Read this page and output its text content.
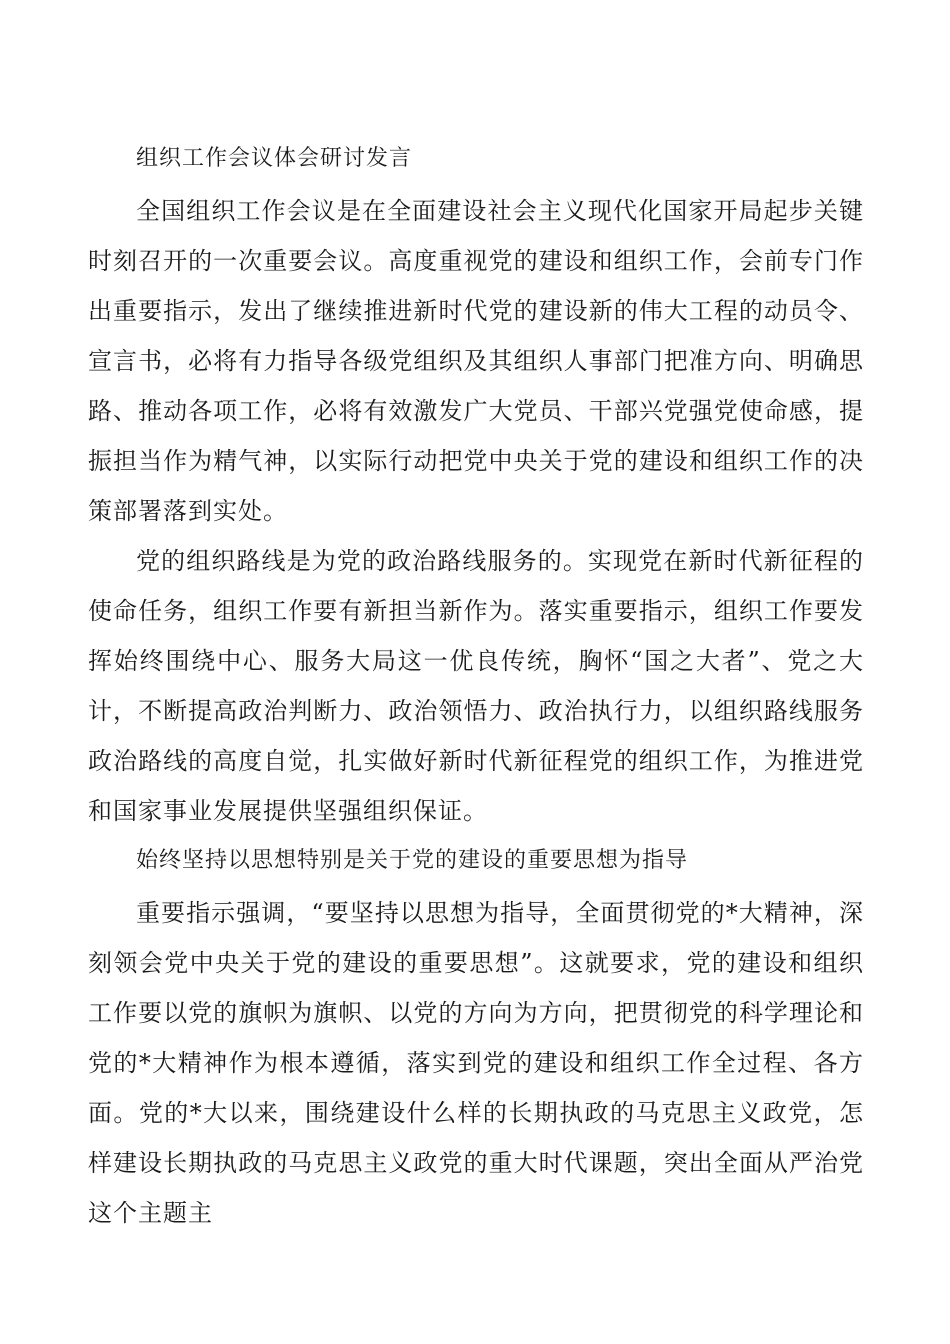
组织工作会议体会研讨发言

全国组织工作会议是在全面建设社会主义现代化国家开局起步关键时刻召开的一次重要会议。高度重视党的建设和组织工作，会前专门作出重要指示，发出了继续推进新时代党的建设新的伟大工程的动员令、宣言书，必将有力指导各级党组织及其组织人事部门把准方向、明确思路、推动各项工作，必将有效激发广大党员、干部兴党强党使命感，提振担当作为精气神，以实际行动把党中央关于党的建设和组织工作的决策部署落到实处。

党的组织路线是为党的政治路线服务的。实现党在新时代新征程的使命任务，组织工作要有新担当新作为。落实重要指示，组织工作要发挥始终围绕中心、服务大局这一优良传统，胸怀“国之大者”、党之大计，不断提高政治判断力、政治领悟力、政治执行力，以组织路线服务政治路线的高度自觉，扎实做好新时代新征程党的组织工作，为推进党和国家事业发展提供坚强组织保证。

始终坚持以思想特别是关于党的建设的重要思想为指导

重要指示强调，“要坚持以思想为指导，全面贯彻党的*大精神，深刻领会党中央关于党的建设的重要思想”。这就要求，党的建设和组织工作要以党的旗帜为旗帜、以党的方向为方向，把贯彻党的科学理论和党的*大精神作为根本遵循，落实到党的建设和组织工作全过程、各方面。党的*大以来，围绕建设什么样的长期执政的马克思主义政党，怎样建设长期执政的马克思主义政党的重大时代课题，突出全面从严治党这个主题主
